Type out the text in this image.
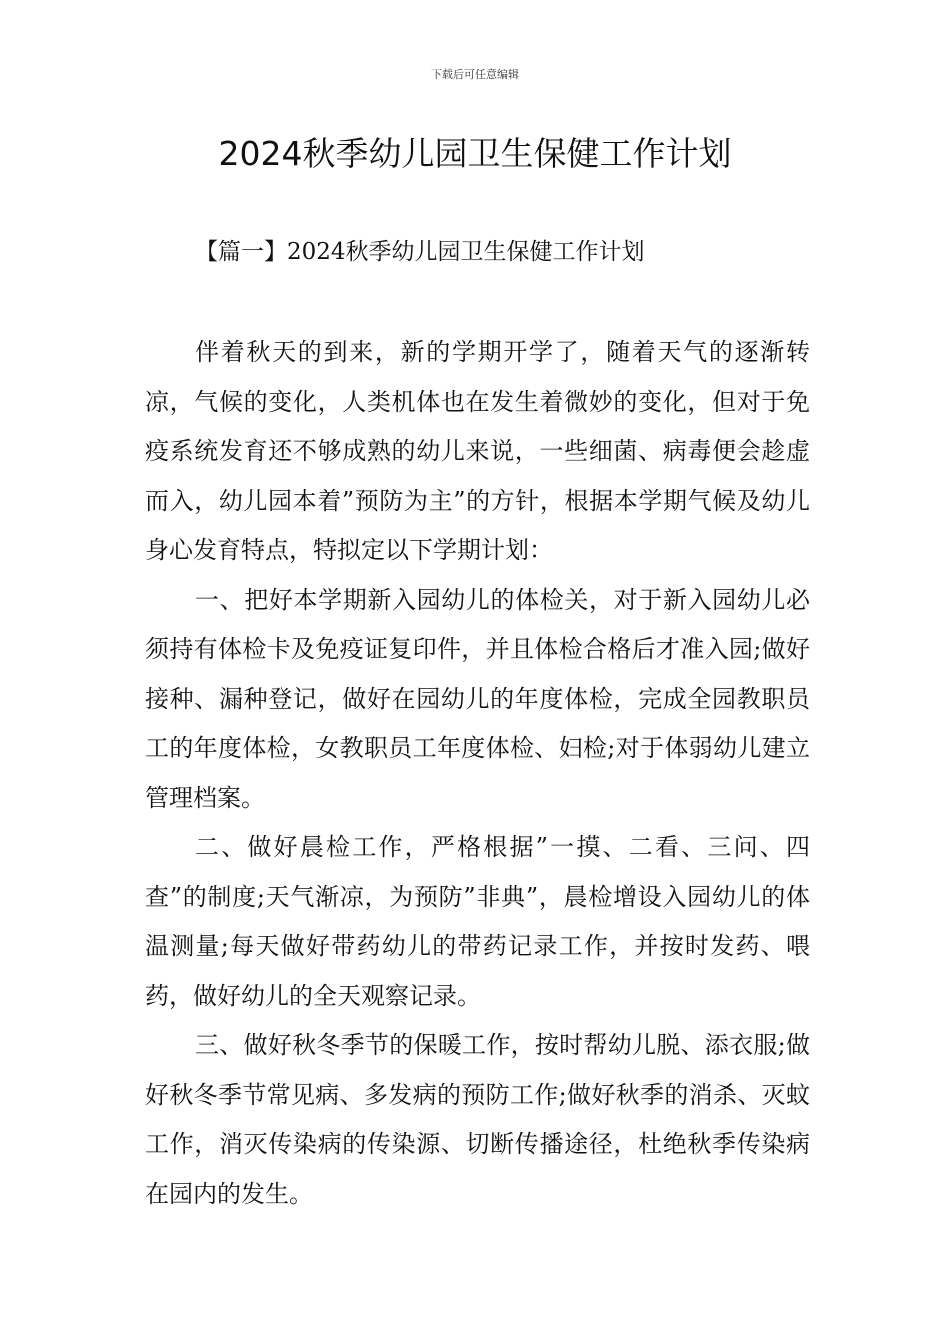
下载后可任意编辑
2024秋季幼儿园卫生保健工作计划
【篇一】2024秋季幼儿园卫生保健工作计划

伴着秋天的到来，新的学期开学了，随着天气的逐渐转凉，气候的变化，人类机体也在发生着微妙的变化，但对于免疫系统发育还不够成熟的幼儿来说，一些细菌、病毒便会趁虚而入，幼儿园本着”预防为主”的方针，根据本学期气候及幼儿身心发育特点，特拟定以下学期计划：

一、把好本学期新入园幼儿的体检关，对于新入园幼儿必须持有体检卡及免疫证复印件，并且体检合格后才准入园;做好接种、漏种登记，做好在园幼儿的年度体检，完成全园教职员工的年度体检，女教职员工年度体检、妇检;对于体弱幼儿建立管理档案。

二、做好晨检工作，严格根据”一摸、二看、三问、四查”的制度;天气渐凉，为预防”非典”，晨检增设入园幼儿的体温测量;每天做好带药幼儿的带药记录工作，并按时发药、喂药，做好幼儿的全天观察记录。

三、做好秋冬季节的保暖工作，按时帮幼儿脱、添衣服;做好秋冬季节常见病、多发病的预防工作;做好秋季的消杀、灭蚊工作，消灭传染病的传染源、切断传播途径，杜绝秋季传染病在园内的发生。
